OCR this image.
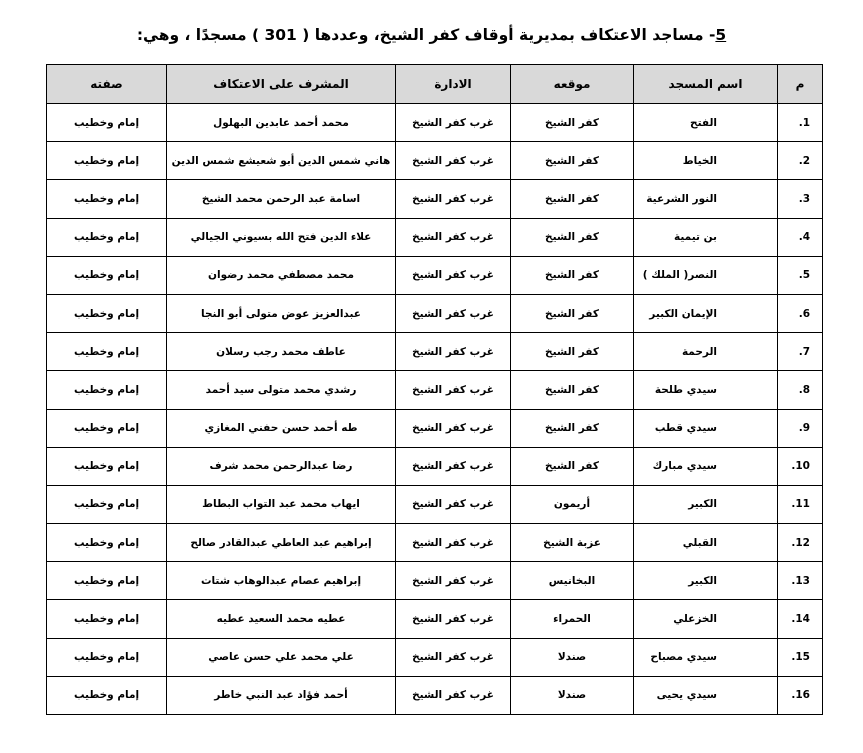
5- مساجد الاعتكاف بمديرية أوقاف كفر الشيخ، وعددها ( 301 ) مسجدًا ، وهي:
م	اسم المسجد	موقعه	الادارة	المشرف على الاعتكاف	صفته
1.	الفتح	كفر الشيخ	غرب كفر الشيخ	محمد أحمد عابدين البهلول	إمام وخطيب
2.	الخياط	كفر الشيخ	غرب كفر الشيخ	هاني شمس الدين أبو شعيشع شمس الدين	إمام وخطيب
3.	النور الشرعية	كفر الشيخ	غرب كفر الشيخ	اسامة عبد الرحمن محمد الشيخ	إمام وخطيب
4.	بن تيمية	كفر الشيخ	غرب كفر الشيخ	علاء الدين فتح الله بسيوني الجيالي	إمام وخطيب
5.	النصر( الملك )	كفر الشيخ	غرب كفر الشيخ	محمد مصطفي محمد رضوان	إمام وخطيب
6.	الإيمان الكبير	كفر الشيخ	غرب كفر الشيخ	عبدالعزيز عوض متولى أبو النجا	إمام وخطيب
7.	الرحمة	كفر الشيخ	غرب كفر الشيخ	عاطف محمد رجب رسلان	إمام وخطيب
8.	سيدي طلحة	كفر الشيخ	غرب كفر الشيخ	رشدي محمد متولى سيد أحمد	إمام وخطيب
9.	سيدي قطب	كفر الشيخ	غرب كفر الشيخ	طه أحمد حسن حفني المغازي	إمام وخطيب
10.	سيدي مبارك	كفر الشيخ	غرب كفر الشيخ	رضا عبدالرحمن محمد شرف	إمام وخطيب
11.	الكبير	أريمون	غرب كفر الشيخ	ايهاب محمد عبد التواب البطاط	إمام وخطيب
12.	القبلي	عزبة الشيخ	غرب كفر الشيخ	إبراهيم عبد العاطي عبدالقادر صالح	إمام وخطيب
13.	الكبير	البخانيس	غرب كفر الشيخ	إبراهيم عصام عبدالوهاب شتات	إمام وخطيب
14.	الخزعلي	الحمراء	غرب كفر الشيخ	عطيه محمد السعيد عطيه	إمام وخطيب
15.	سيدي مصباح	صندلا	غرب كفر الشيخ	علي محمد علي حسن عاصي	إمام وخطيب
16.	سيدي يحيى	صندلا	غرب كفر الشيخ	أحمد فؤاد عبد النبي خاطر	إمام وخطيب
